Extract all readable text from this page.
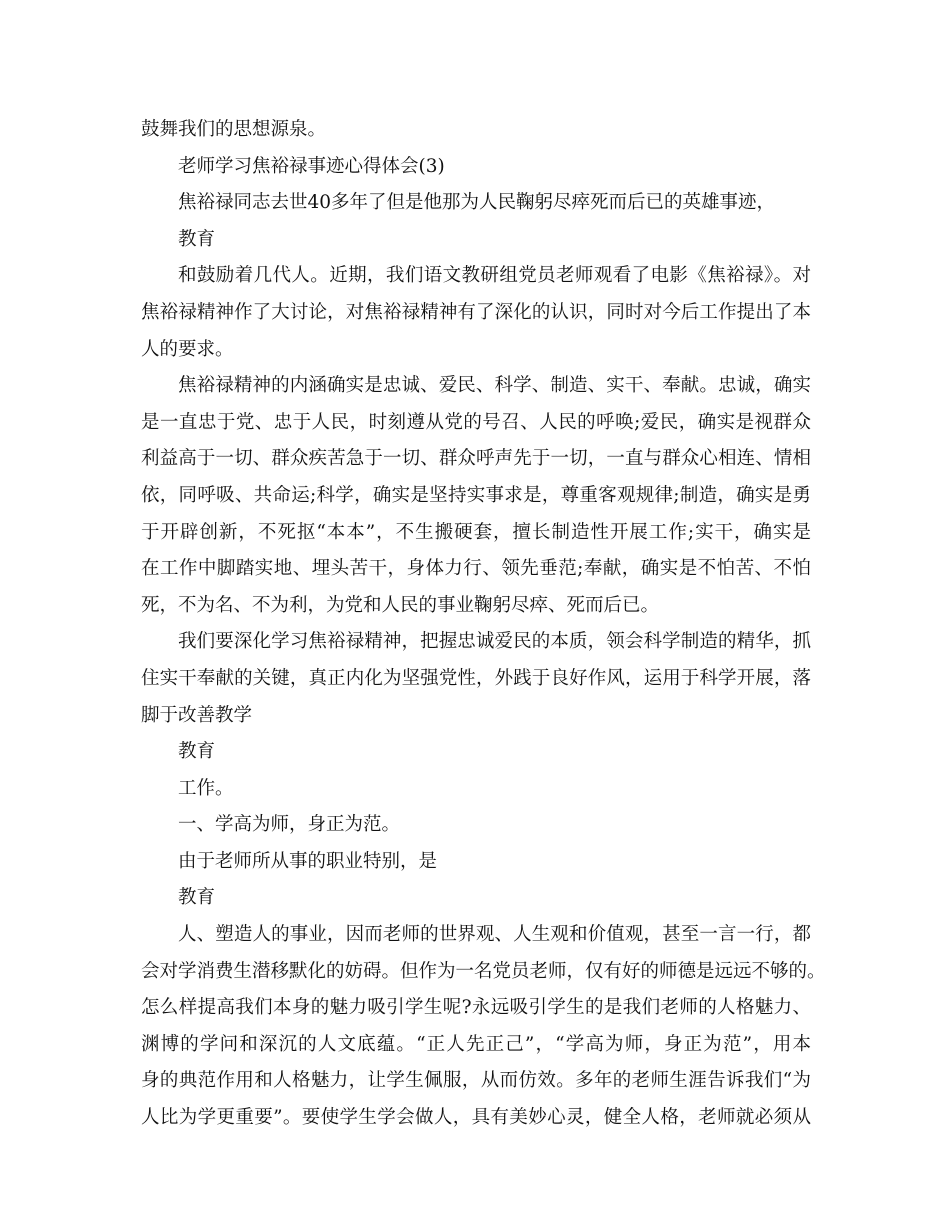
鼓舞我们的思想源泉。
老师学习焦裕禄事迹心得体会(3)
焦裕禄同志去世40多年了但是他那为人民鞠躬尽瘁死而后已的英雄事迹，
教育
和鼓励着几代人。近期，我们语文教研组党员老师观看了电影《焦裕禄》。对
焦裕禄精神作了大讨论，对焦裕禄精神有了深化的认识，同时对今后工作提出了本
人的要求。
焦裕禄精神的内涵确实是忠诚、爱民、科学、制造、实干、奉献。忠诚，确实
是一直忠于党、忠于人民，时刻遵从党的号召、人民的呼唤;爱民，确实是视群众
利益高于一切、群众疾苦急于一切、群众呼声先于一切，一直与群众心相连、情相
依，同呼吸、共命运;科学，确实是坚持实事求是，尊重客观规律;制造，确实是勇
于开辟创新，不死抠“本本”，不生搬硬套，擅长制造性开展工作;实干，确实是
在工作中脚踏实地、埋头苦干，身体力行、领先垂范;奉献，确实是不怕苦、不怕
死，不为名、不为利，为党和人民的事业鞠躬尽瘁、死而后已。
我们要深化学习焦裕禄精神，把握忠诚爱民的本质，领会科学制造的精华，抓
住实干奉献的关键，真正内化为坚强党性，外践于良好作风，运用于科学开展，落
脚于改善教学
教育
工作。
一、学高为师，身正为范。
由于老师所从事的职业特别，是
教育
人、塑造人的事业，因而老师的世界观、人生观和价值观，甚至一言一行，都
会对学消费生潜移默化的妨碍。但作为一名党员老师，仅有好的师德是远远不够的。
怎么样提高我们本身的魅力吸引学生呢?永远吸引学生的是我们老师的人格魅力、
渊博的学问和深沉的人文底蕴。“正人先正己”，“学高为师，身正为范”，用本
身的典范作用和人格魅力，让学生佩服，从而仿效。多年的老师生涯告诉我们“为
人比为学更重要”。要使学生学会做人，具有美妙心灵，健全人格，老师就必须从
